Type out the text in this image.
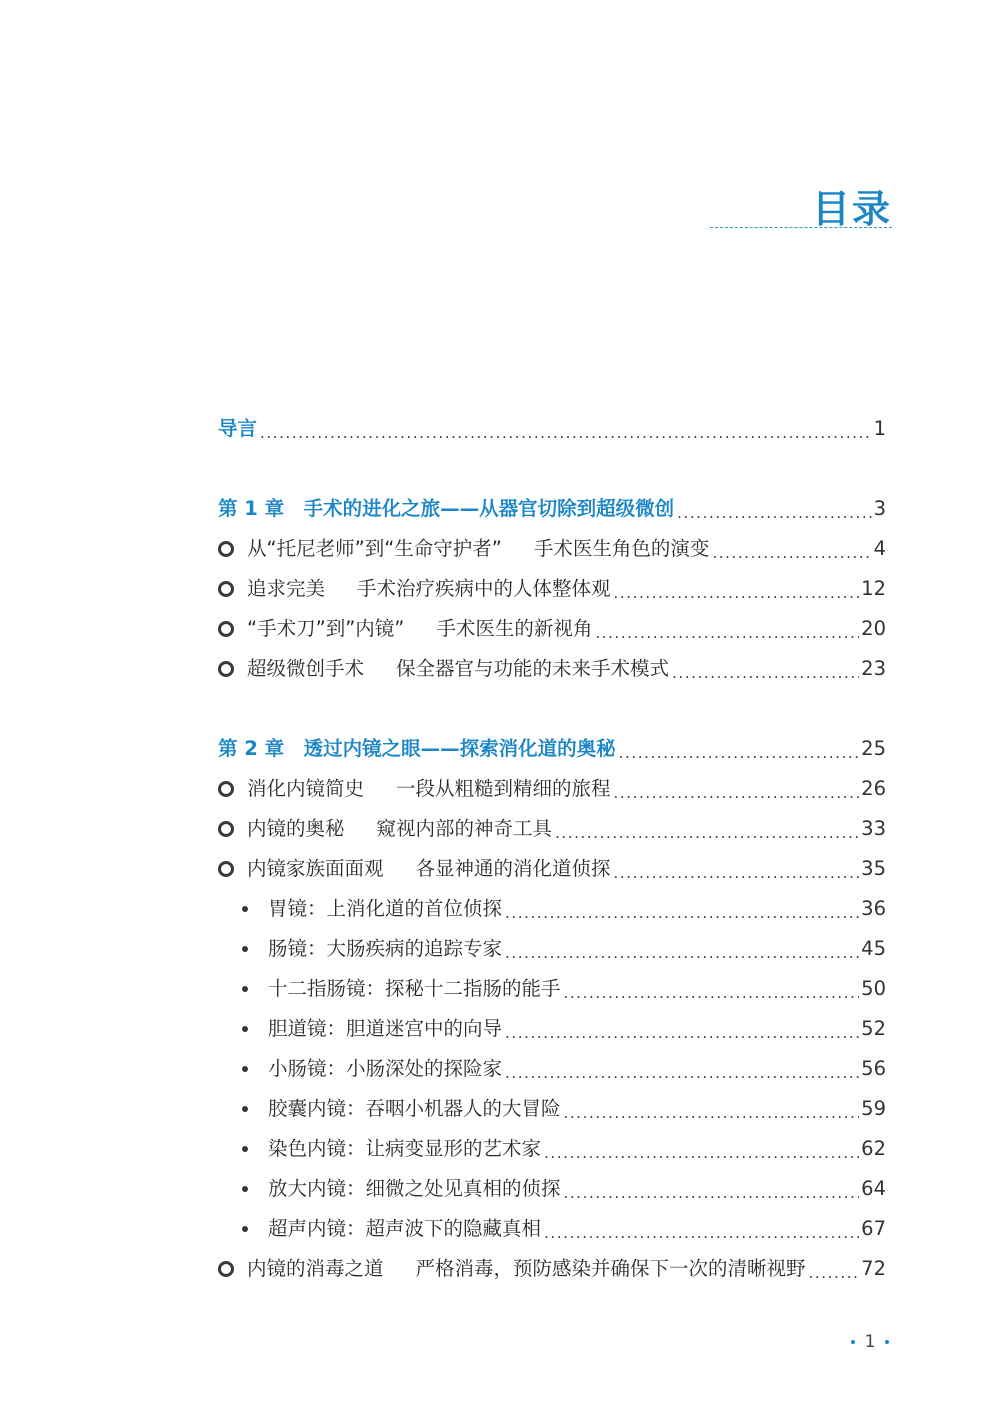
目录
导言 .....	1
第 1 章　手术的进化之旅——从器官切除到超级微创 .....	3
从“托尼老师”到“生命守护者” 手术医生角色的演变 .....	4
追求完美 手术治疗疾病中的人体整体观 .....	12
“手术刀”到”内镜” 手术医生的新视角 .....	20
超级微创手术 保全器官与功能的未来手术模式 .....	23
第 2 章　透过内镜之眼——探索消化道的奥秘 .....	25
消化内镜简史 一段从粗糙到精细的旅程 .....	26
内镜的奥秘 窥视内部的神奇工具 .....	33
内镜家族面面观 各显神通的消化道侦探 .....	35
胃镜：上消化道的首位侦探 .....	36
肠镜：大肠疾病的追踪专家 .....	45
十二指肠镜：探秘十二指肠的能手 .....	50
胆道镜：胆道迷宫中的向导 .....	52
小肠镜：小肠深处的探险家 .....	56
胶囊内镜：吞咽小机器人的大冒险 .....	59
染色内镜：让病变显形的艺术家 .....	62
放大内镜：细微之处见真相的侦探 .....	64
超声内镜：超声波下的隐藏真相 .....	67
内镜的消毒之道 严格消毒，预防感染并确保下一次的清晰视野 .....	72
1
